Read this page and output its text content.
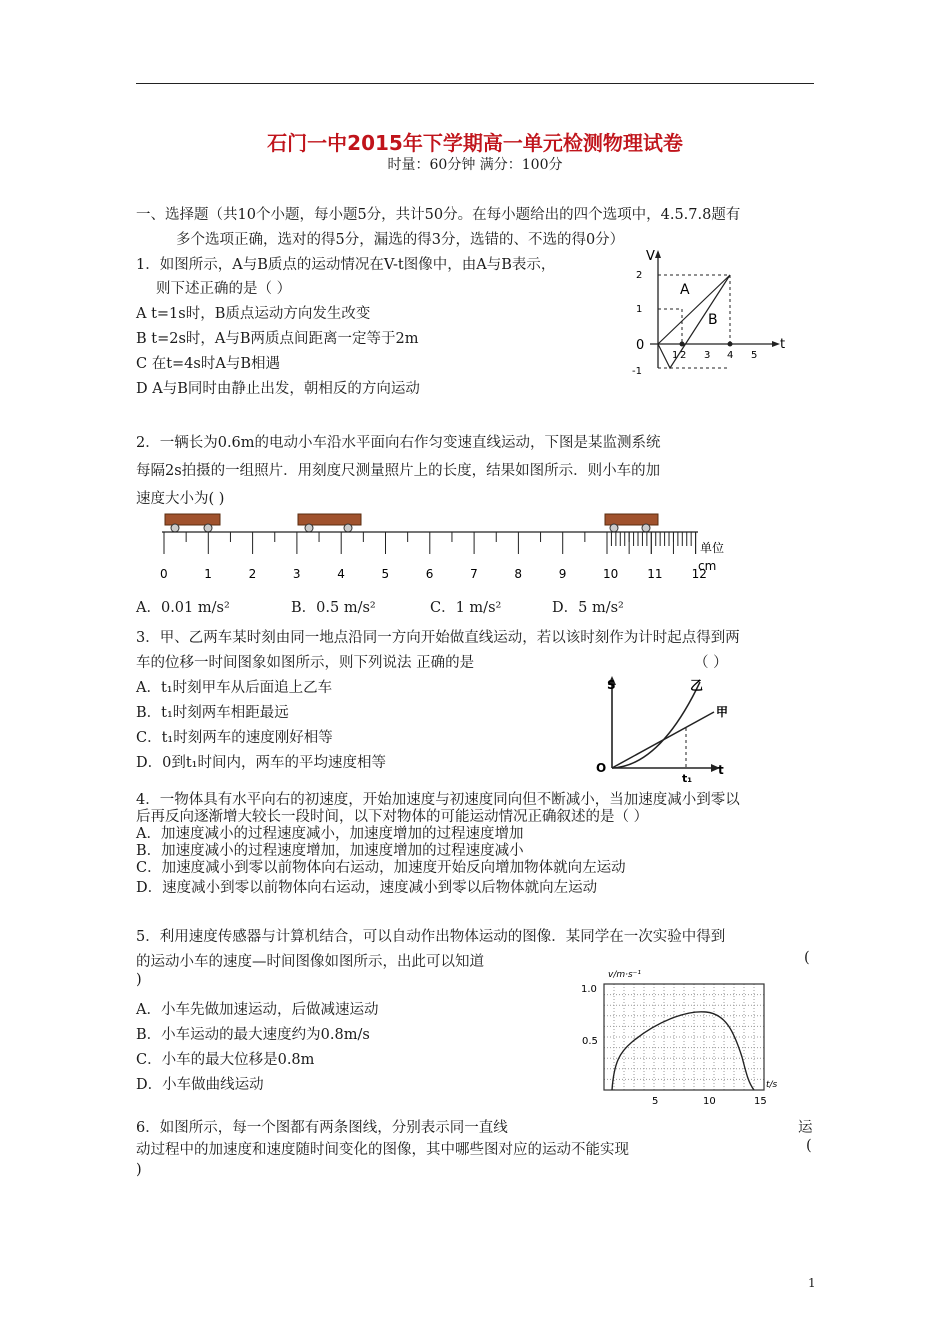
石门一中2015年下学期高一单元检测物理试卷
时量：60分钟 满分：100分
一、选择题（共10个小题，每小题5分，共计50分。在每小题给出的四个选项中，4.5.7.8题有
多个选项正确，选对的得5分，漏选的得3分，选错的、不选的得0分）
1．如图所示，A与B质点的运动情况在V-t图像中，由A与B表示，
则下述正确的是（ ）
A t=1s时，B质点运动方向发生改变
B t=2s时，A与B两质点间距离一定等于2m
C 在t=4s时A与B相遇
D A与B同时由静止出发，朝相反的方向运动
V
t
2
1
0
-1
1 2 3 4 5
A
B
2．一辆长为0.6m的电动小车沿水平面向右作匀变速直线运动，下图是某监测系统
每隔2s拍摄的一组照片．用刻度尺测量照片上的长度，结果如图所示．则小车的加
速度大小为( )
0	1	2	3	4	5	6	7	8	9	10 11 12
单位
cm
A．0.01 m/s²	B．0.5 m/s²	C．1 m/s²	D．5 m/s²
3．甲、乙两车某时刻由同一地点沿同一方向开始做直线运动，若以该时刻作为计时起点得到两
车的位移一时间图象如图所示，则下列说法 正确的是	（ ）
A．t₁时刻甲车从后面追上乙车
B．t₁时刻两车相距最远
C．t₁时刻两车的速度刚好相等
D．0到t₁时间内，两车的平均速度相等
S
t
O
t₁
乙
甲
4．一物体具有水平向右的初速度，开始加速度与初速度同向但不断减小，当加速度减小到零以
后再反向逐渐增大较长一段时间，以下对物体的可能运动情况正确叙述的是（ ）
A．加速度减小的过程速度减小，加速度增加的过程速度增加
B．加速度减小的过程速度增加，加速度增加的过程速度减小
C．加速度减小到零以前物体向右运动，加速度开始反向增加物体就向左运动
D．速度减小到零以前物体向右运动，速度减小到零以后物体就向左运动
5．利用速度传感器与计算机结合，可以自动作出物体运动的图像．某同学在一次实验中得到
的运动小车的速度—时间图像如图所示，出此可以知道	(
)
A．小车先做加速运动，后做减速运动
B．小车运动的最大速度约为0.8m/s
C．小车的最大位移是0.8m
D．小车做曲线运动
v/m·s⁻¹
t/s
1.0
0.5
5	10	15
6．如图所示，每一个图都有两条图线，分别表示同一直线	运
动过程中的加速度和速度随时间变化的图像，其中哪些图对应的运动不能实现	(
)
1
